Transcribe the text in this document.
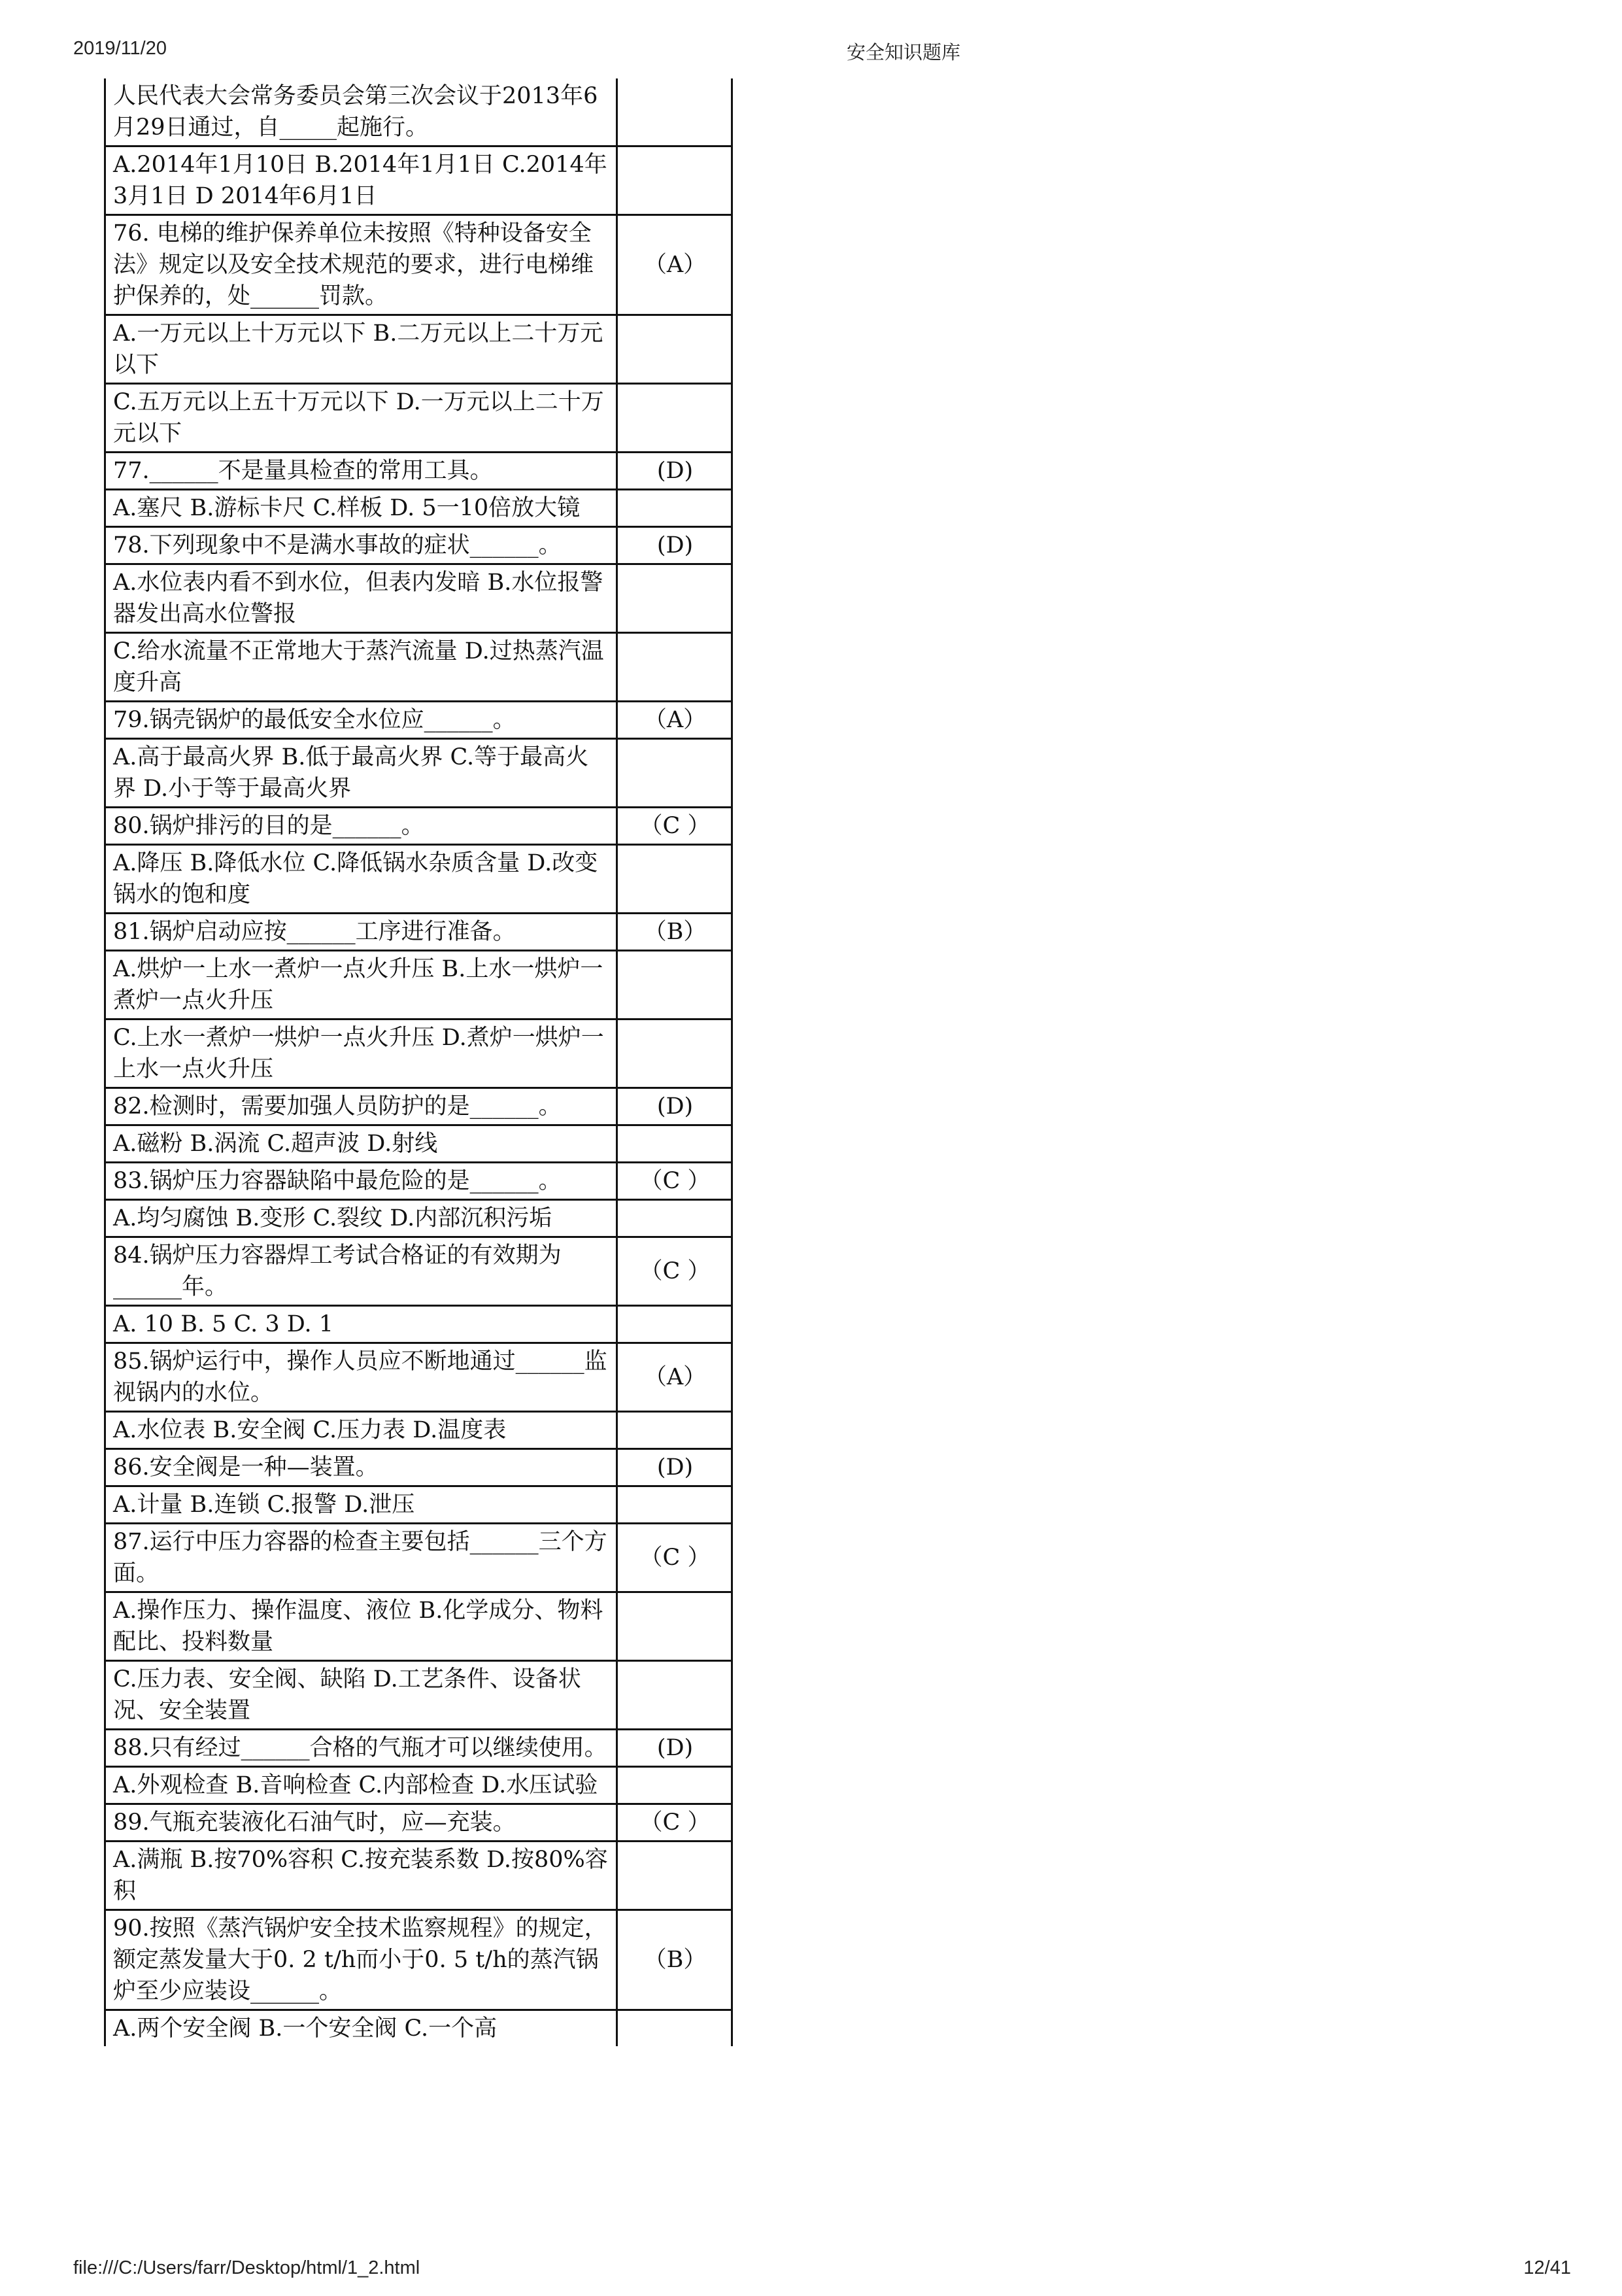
2019/11/20	安全知识题库
人民代表大会常务委员会第三次会议于2013年6月29日通过，自_____起施行。	
A.2014年1月10日 B.2014年1月1日 C.2014年3月1日 D 2014年6月1日	
76. 电梯的维护保养单位未按照《特种设备安全法》规定以及安全技术规范的要求，进行电梯维护保养的，处______罚款。	（A）
A.一万元以上十万元以下 B.二万元以上二十万元以下	
C.五万元以上五十万元以下 D.一万元以上二十万元以下	
77.______不是量具检查的常用工具。	(D)
A.塞尺 B.游标卡尺 C.样板 D. 5一10倍放大镜	
78.下列现象中不是满水事故的症状______。	(D)
A.水位表内看不到水位，但表内发暗 B.水位报警器发出高水位警报	
C.给水流量不正常地大于蒸汽流量 D.过热蒸汽温度升高	
79.锅壳锅炉的最低安全水位应______。	（A）
A.高于最高火界 B.低于最高火界 C.等于最高火界 D.小于等于最高火界	
80.锅炉排污的目的是______。	（C ）
A.降压 B.降低水位 C.降低锅水杂质含量 D.改变锅水的饱和度	
81.锅炉启动应按______工序进行准备。	（B）
A.烘炉一上水一煮炉一点火升压 B.上水一烘炉一煮炉一点火升压	
C.上水一煮炉一烘炉一点火升压 D.煮炉一烘炉一上水一点火升压	
82.检测时，需要加强人员防护的是______。	(D)
A.磁粉 B.涡流 C.超声波 D.射线	
83.锅炉压力容器缺陷中最危险的是______。	（C ）
A.均匀腐蚀 B.变形 C.裂纹 D.内部沉积污垢	
84.锅炉压力容器焊工考试合格证的有效期为______年。	（C ）
A. 10 B. 5 C. 3 D. 1	
85.锅炉运行中，操作人员应不断地通过______监视锅内的水位。	（A）
A.水位表 B.安全阀 C.压力表 D.温度表	
86.安全阀是一种—装置。	(D)
A.计量 B.连锁 C.报警 D.泄压	
87.运行中压力容器的检查主要包括______三个方面。	（C ）
A.操作压力、操作温度、液位 B.化学成分、物料配比、投料数量	
C.压力表、安全阀、缺陷 D.工艺条件、设备状况、安全装置	
88.只有经过______合格的气瓶才可以继续使用。	(D)
A.外观检查 B.音响检查 C.内部检查 D.水压试验	
89.气瓶充装液化石油气时，应—充装。	（C ）
A.满瓶 B.按70%容积 C.按充装系数 D.按80%容积	
90.按照《蒸汽锅炉安全技术监察规程》的规定，额定蒸发量大于0. 2 t/h而小于0. 5 t/h的蒸汽锅炉至少应装设______。	（B）
A.两个安全阀 B.一个安全阀 C.一个高	
file:///C:/Users/farr/Desktop/html/1_2.html	12/41
